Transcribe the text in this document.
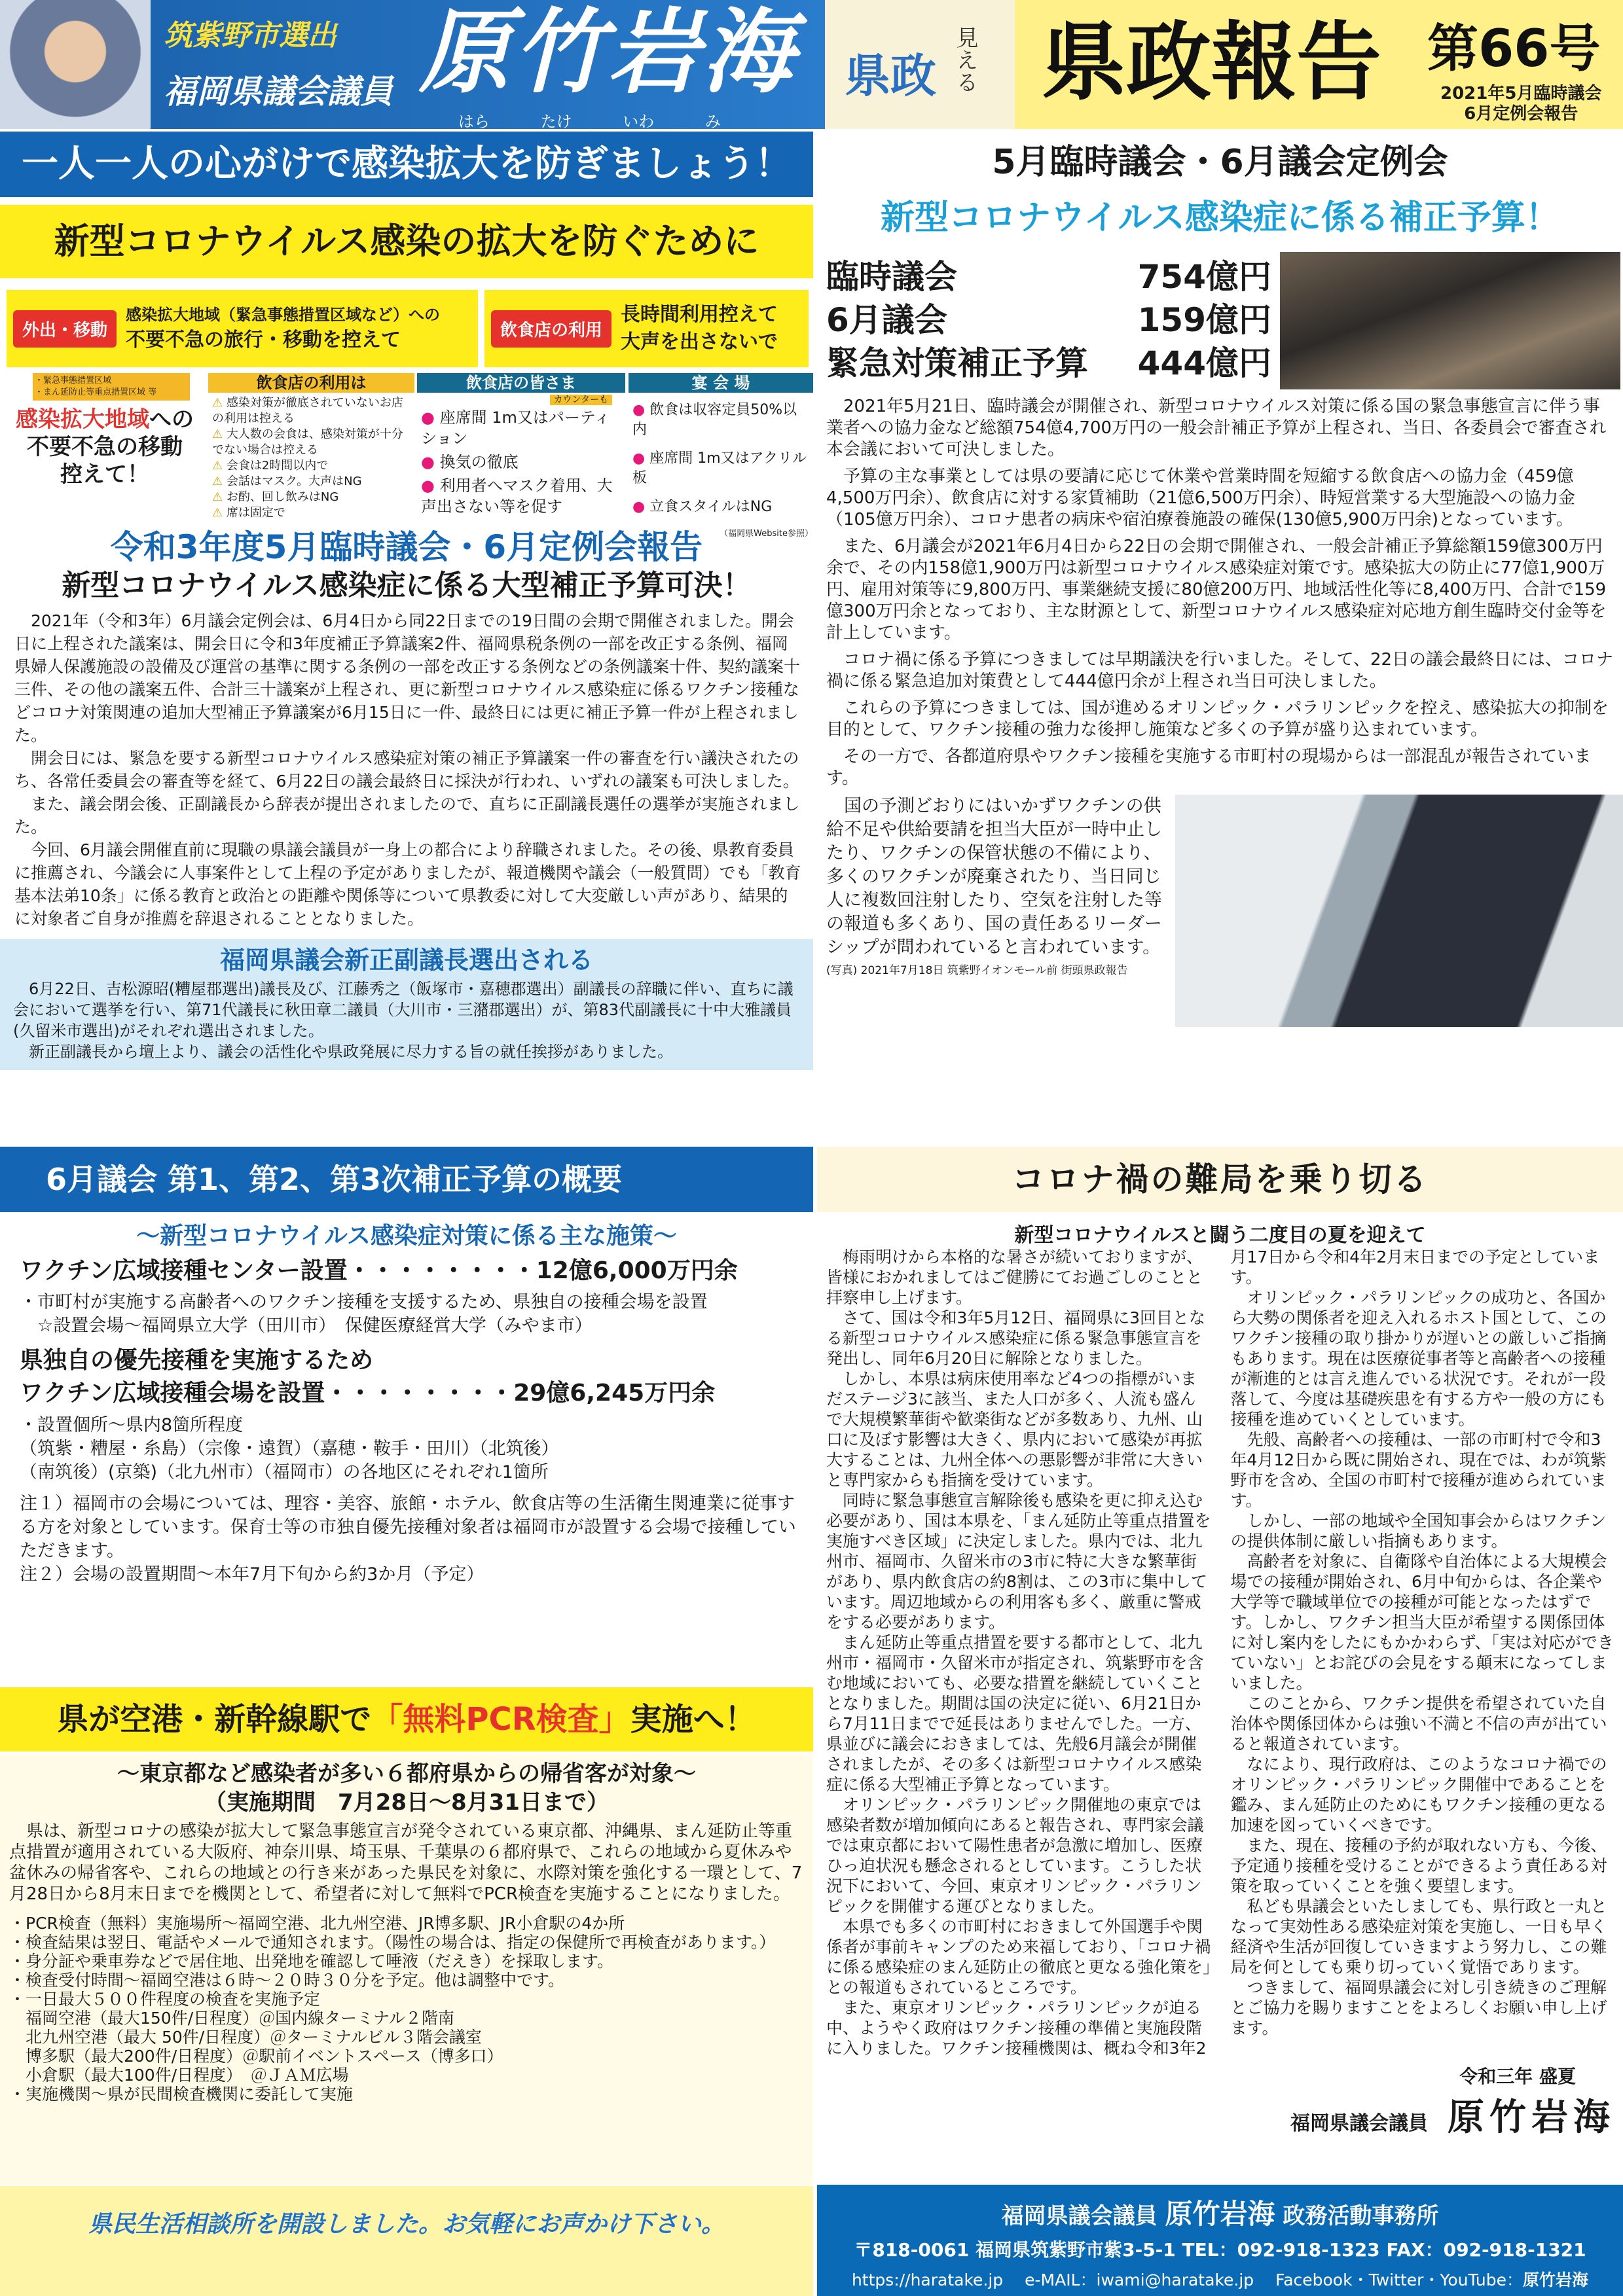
筑紫野市選出
福岡県議会議員 原竹岩海
はら たけ いわ み
県政 見える 県政報告 第66号
2021年5月臨時議会
6月定例会報告
一人一人の心がけで感染拡大を防ぎましょう！
新型コロナウイルス感染の拡大を防ぐために
外出・移動
感染拡大地域（緊急事態措置区域など）への
不要不急の旅行・移動を控えて	飲食店の利用
長時間利用控えて
大声を出さないで
・緊急事態措置区域
・まん延防止等重点措置区域 等
感染拡大地域への
不要不急の移動
控えて！
飲食店の利用は
⚠ 感染対策が徹底されていないお店の利用は控える
⚠ 大人数の会食は、感染対策が十分でない場合は控える
⚠ 会食は2時間以内で
⚠ 会話はマスク。大声はNG
⚠ お酌、回し飲みはNG
⚠ 席は固定で
飲食店の皆さま
カウンターも
● 座席間 1m又はパーティション
● 換気の徹底
● 利用者へマスク着用、大声出さない等を促す
宴 会 場
● 飲食は収容定員50%以内
● 座席間 1m又はアクリル板
● 立食スタイルはNG
（福岡県Website参照）
令和3年度5月臨時議会・6月定例会報告
新型コロナウイルス感染症に係る大型補正予算可決！

2021年（令和3年）6月議会定例会は、6月4日から同22日までの19日間の会期で開催されました。開会日に上程された議案は、開会日に令和3年度補正予算議案2件、福岡県税条例の一部を改正する条例、福岡県婦人保護施設の設備及び運営の基準に関する条例の一部を改正する条例などの条例議案十件、契約議案十三件、その他の議案五件、合計三十議案が上程され、更に新型コロナウイルス感染症に係るワクチン接種などコロナ対策関連の追加大型補正予算議案が6月15日に一件、最終日には更に補正予算一件が上程されました。

開会日には、緊急を要する新型コロナウイルス感染症対策の補正予算議案一件の審査を行い議決されたのち、各常任委員会の審査等を経て、6月22日の議会最終日に採決が行われ、いずれの議案も可決しました。

また、議会閉会後、正副議長から辞表が提出されましたので、直ちに正副議長選任の選挙が実施されました。

今回、6月議会開催直前に現職の県議会議員が一身上の都合により辞職されました。その後、県教育委員に推薦され、今議会に人事案件として上程の予定がありましたが、報道機関や議会（一般質問）でも「教育基本法弟10条」に係る教育と政治との距離や関係等について県教委に対して大変厳しい声があり、結果的に対象者ご自身が推薦を辞退されることとなりました。

福岡県議会新正副議長選出される

6月22日、吉松源昭(糟屋郡選出)議長及び、江藤秀之（飯塚市・嘉穂郡選出）副議長の辞職に伴い、直ちに議会において選挙を行い、第71代議長に秋田章二議員（大川市・三潴郡選出）が、第83代副議長に十中大雅議員(久留米市選出)がそれぞれ選出されました。

新正副議長から壇上より、議会の活性化や県政発展に尽力する旨の就任挨拶がありました。

6月議会 第1、第2、第3次補正予算の概要
～新型コロナウイルス感染症対策に係る主な施策～
ワクチン広域接種センター設置・・・・・・・・12億6,000万円余
・市町村が実施する高齢者へのワクチン接種を支援するため、県独自の接種会場を設置
　☆設置会場～福岡県立大学（田川市）　保健医療経営大学（みやま市）
県独自の優先接種を実施するため
ワクチン広域接種会場を設置・・・・・・・・29億6,245万円余
・設置個所～県内8箇所程度
（筑紫・糟屋・糸島）（宗像・遠賀）（嘉穂・鞍手・田川）（北筑後）
（南筑後）(京築)（北九州市）（福岡市）の各地区にそれぞれ1箇所
注１）福岡市の会場については、理容・美容、旅館・ホテル、飲食店等の生活衛生関連業に従事する方を対象としています。保育士等の市独自優先接種対象者は福岡市が設置する会場で接種していただきます。
注２）会場の設置期間～本年7月下旬から約3か月（予定）
県が空港・新幹線駅で「無料PCR検査」実施へ！
～東京都など感染者が多い６都府県からの帰省客が対象～
（実施期間　7月28日～8月31日まで）
県は、新型コロナの感染が拡大して緊急事態宣言が発令されている東京都、沖縄県、まん延防止等重点措置が適用されている大阪府、神奈川県、埼玉県、千葉県の６都府県で、これらの地域から夏休みや盆休みの帰省客や、これらの地域との行き来があった県民を対象に、水際対策を強化する一環として、7月28日から8月末日までを機関として、希望者に対して無料でPCR検査を実施することになりました。
・PCR検査（無料）実施場所～福岡空港、北九州空港、JR博多駅、JR小倉駅の4か所
・検査結果は翌日、電話やメールで通知されます。（陽性の場合は、指定の保健所で再検査があります。）
・身分証や乗車券などで居住地、出発地を確認して唾液（だえき）を採取します。
・検査受付時間～福岡空港は６時～２０時３０分を予定。他は調整中です。
・一日最大５００件程度の検査を実施予定
　福岡空港（最大150件/日程度）＠国内線ターミナル２階南
　北九州空港（最大 50件/日程度）＠ターミナルビル３階会議室
　博多駅（最大200件/日程度）＠駅前イベントスペース（博多口）
　小倉駅（最大100件/日程度）　＠ＪＡＭ広場
・実施機関～県が民間検査機関に委託して実施
県民生活相談所を開設しました。お気軽にお声かけ下さい。
5月臨時議会・6月議会定例会
新型コロナウイルス感染症に係る補正予算！
臨時議会	754億円
6月議会	159億円
緊急対策補正予算 444億円

2021年5月21日、臨時議会が開催され、新型コロナウイルス対策に係る国の緊急事態宣言に伴う事業者への協力金など総額754億4,700万円の一般会計補正予算が上程され、当日、各委員会で審査され本会議において可決しました。

予算の主な事業としては県の要請に応じて休業や営業時間を短縮する飲食店への協力金（459億4,500万円余）、飲食店に対する家賃補助（21億6,500万円余）、時短営業する大型施設への協力金（105億万円余）、コロナ患者の病床や宿泊療養施設の確保(130億5,900万円余)となっています。

また、6月議会が2021年6月4日から22日の会期で開催され、一般会計補正予算総額159億300万円余で、その内158億1,900万円は新型コロナウイルス感染症対策です。感染拡大の防止に77億1,900万円、雇用対策等に9,800万円、事業継続支援に80億200万円、地域活性化等に8,400万円、合計で159億300万円余となっており、主な財源として、新型コロナウイルス感染症対応地方創生臨時交付金等を計上しています。

コロナ禍に係る予算につきましては早期議決を行いました。そして、22日の議会最終日には、コロナ禍に係る緊急追加対策費として444億円余が上程され当日可決しました。

これらの予算につきましては、国が進めるオリンピック・パラリンピックを控え、感染拡大の抑制を目的として、ワクチン接種の強力な後押し施策など多くの予算が盛り込まれています。

その一方で、各都道府県やワクチン接種を実施する市町村の現場からは一部混乱が報告されています。

国の予測どおりにはいかずワクチンの供給不足や供給要請を担当大臣が一時中止したり、ワクチンの保管状態の不備により、多くのワクチンが廃棄されたり、当日同じ人に複数回注射したり、空気を注射した等の報道も多くあり、国の責任あるリーダーシップが問われていると言われています。
(写真) 2021年7月18日 筑紫野イオンモール前 街頭県政報告
コロナ禍の難局を乗り切る
新型コロナウイルスと闘う二度目の夏を迎えて

梅雨明けから本格的な暑さが続いておりますが、皆様におかれましてはご健勝にてお過ごしのことと拝察申し上げます。

さて、国は令和3年5月12日、福岡県に3回目となる新型コロナウイルス感染症に係る緊急事態宣言を発出し、同年6月20日に解除となりました。

しかし、本県は病床使用率など4つの指標がいまだステージ3に該当、また人口が多く、人流も盛んで大規模繁華街や歓楽街などが多数あり、九州、山口に及ぼす影響は大きく、県内において感染が再拡大することは、九州全体への悪影響が非常に大きいと専門家からも指摘を受けています。

同時に緊急事態宣言解除後も感染を更に抑え込む必要があり、国は本県を、「まん延防止等重点措置を実施すべき区域」に決定しました。県内では、北九州市、福岡市、久留米市の3市に特に大きな繁華街があり、県内飲食店の約8割は、この3市に集中しています。周辺地域からの利用客も多く、厳重に警戒をする必要があります。

まん延防止等重点措置を要する都市として、北九州市・福岡市・久留米市が指定され、筑紫野市を含む地域においても、必要な措置を継続していくこととなりました。期間は国の決定に従い、6月21日から7月11日までで延長はありませんでした。一方、県並びに議会におきましては、先般6月議会が開催されましたが、その多くは新型コロナウイルス感染症に係る大型補正予算となっています。

オリンピック・パラリンピック開催地の東京では感染者数が増加傾向にあると報告され、専門家会議では東京都において陽性患者が急激に増加し、医療ひっ迫状況も懸念されるとしています。こうした状況下において、今回、東京オリンピック・パラリンピックを開催する運びとなりました。

本県でも多くの市町村におきまして外国選手や関係者が事前キャンプのため来福しており、「コロナ禍に係る感染症のまん延防止の徹底と更なる強化策を」との報道もされているところです。

また、東京オリンピック・パラリンピックが迫る中、ようやく政府はワクチン接種の準備と実施段階に入りました。ワクチン接種機関は、概ね令和3年2月17日から令和4年2月末日までの予定としています。

オリンピック・パラリンピックの成功と、各国から大勢の関係者を迎え入れるホスト国として、このワクチン接種の取り掛かりが遅いとの厳しいご指摘もあります。現在は医療従事者等と高齢者への接種が漸進的とは言え進んでいる状況です。それが一段落して、今度は基礎疾患を有する方や一般の方にも接種を進めていくとしています。

先般、高齢者への接種は、一部の市町村で令和3年4月12日から既に開始され、現在では、わが筑紫野市を含め、全国の市町村で接種が進められています。

しかし、一部の地域や全国知事会からはワクチンの提供体制に厳しい指摘もあります。

高齢者を対象に、自衛隊や自治体による大規模会場での接種が開始され、6月中旬からは、各企業や大学等で職域単位での接種が可能となったはずです。しかし、ワクチン担当大臣が希望する関係団体に対し案内をしたにもかかわらず、「実は対応ができていない」とお詫びの会見をする顛末になってしまいました。

このことから、ワクチン提供を希望されていた自治体や関係団体からは強い不満と不信の声が出ていると報道されています。

なにより、現行政府は、このようなコロナ禍でのオリンピック・パラリンピック開催中であることを鑑み、まん延防止のためにもワクチン接種の更なる加速を図っていくべきです。

また、現在、接種の予約が取れない方も、今後、予定通り接種を受けることができるよう責任ある対策を取っていくことを強く要望します。

私ども県議会といたしましても、県行政と一丸となって実効性ある感染症対策を実施し、一日も早く経済や生活が回復していきますよう努力し、この難局を何としても乗り切っていく覚悟であります。

つきまして、福岡県議会に対し引き続きのご理解とご協力を賜りますことをよろしくお願い申し上げます。

令和三年 盛夏
福岡県議会議員 原竹岩海
福岡県議会議員 原竹岩海 政務活動事務所
〒818-0061 福岡県筑紫野市紫3-5-1 TEL：092-918-1323 FAX：092-918-1321
https://haratake.jp　 e-MAIL：iwami@haratake.jp　 Facebook・Twitter・YouTube：原竹岩海
